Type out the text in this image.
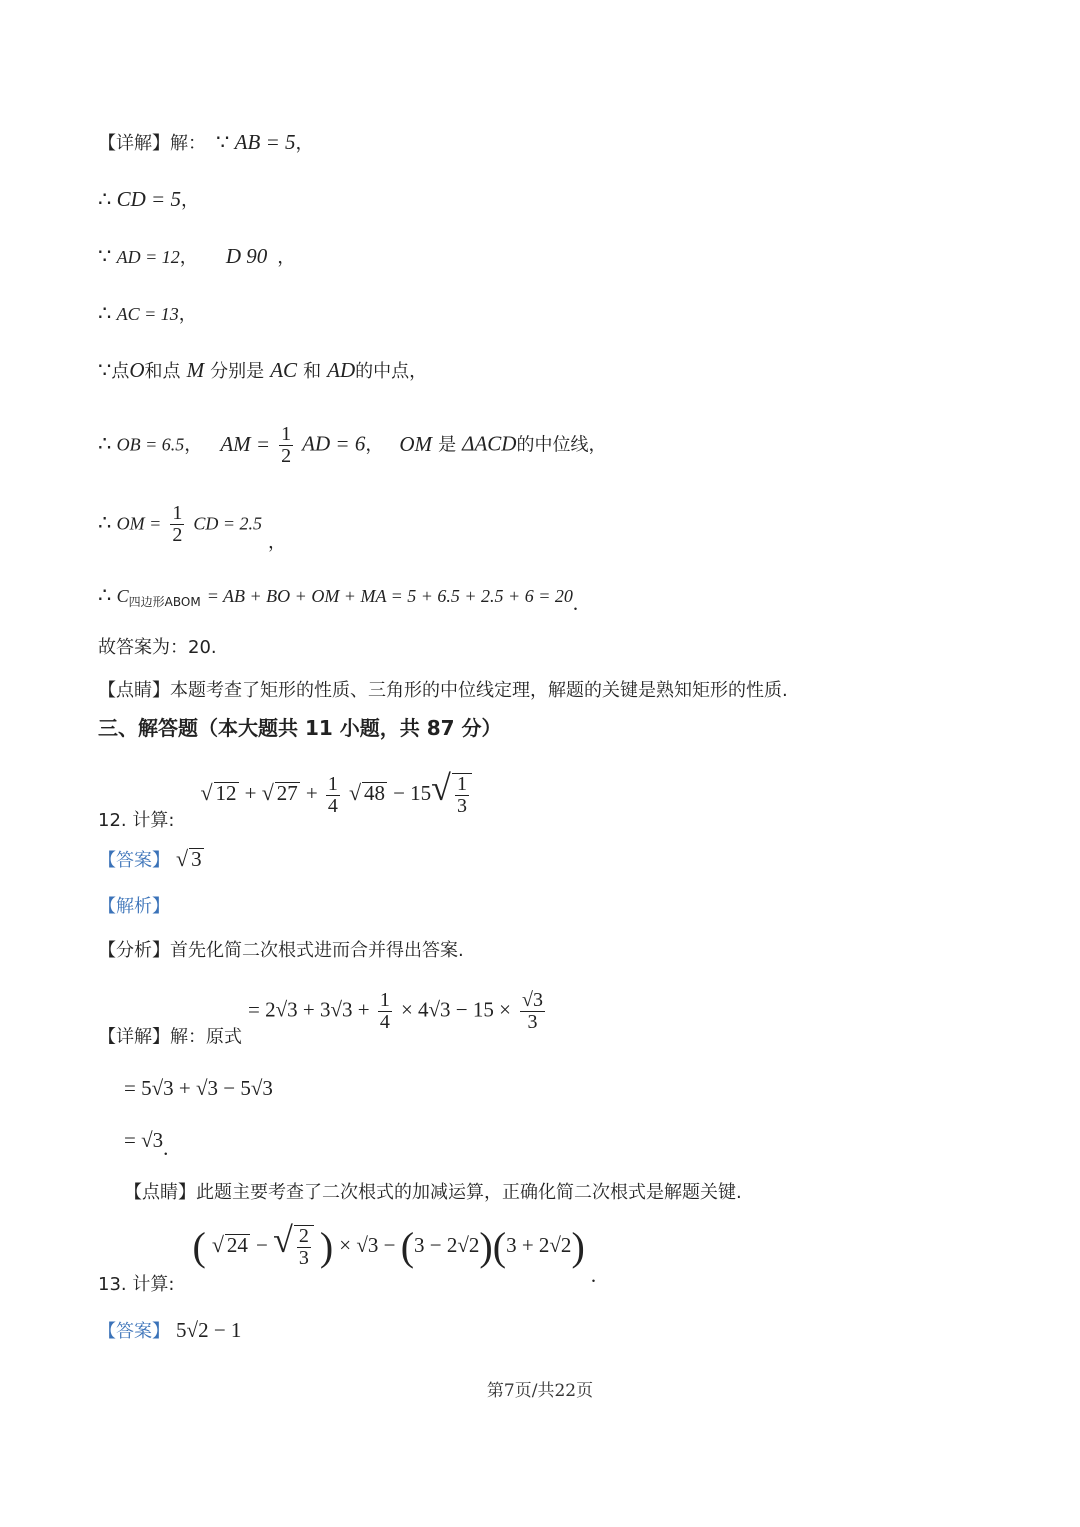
【详解】解： ∵ AB = 5，
∴ CD = 5，
∵ AD = 12， D 90 ，
∴ AC = 13，
∵点O和点 M 分别是 AC 和 AD的中点，
∴ OB = 6.5， AM = $\frac{1}{2}$ AD = 6， OM 是 ΔACD的中位线，
∴ OM = $\frac{1}{2}$ CD = 2.5，
∴ $C_{四边形ABOM}$ = AB + BO + OM + MA = 5 + 6.5 + 2.5 + 6 = 20.
故答案为：20.
【点睛】本题考查了矩形的性质、三角形的中位线定理，解题的关键是熟知矩形的性质.
三、解答题（本大题共 11 小题，共 87 分）
12. 计算: √ 12 + √ $27 + \frac{1}{4}$ √ $48 - 15√ \frac{1}{3}$
【答案】 √ 3
【解析】
【分析】首先化简二次根式进而合并得出答案.
【详解】解：原式 = $2√3 + 3√3 + \frac{1}{4} \times 4√3 - 15 \times \frac{√3}{3}$
= 5√3 + √3 − 5√3
= √3.
【点睛】此题主要考查了二次根式的加减运算，正确化简二次根式是解题关键.
13. 计算: ( √ 24 − √ $\frac{2}{3}$ ) × √3 − (3 − 2√2)(3 + 2√2) .
【答案】 5√2 − 1
第7页/共22页
